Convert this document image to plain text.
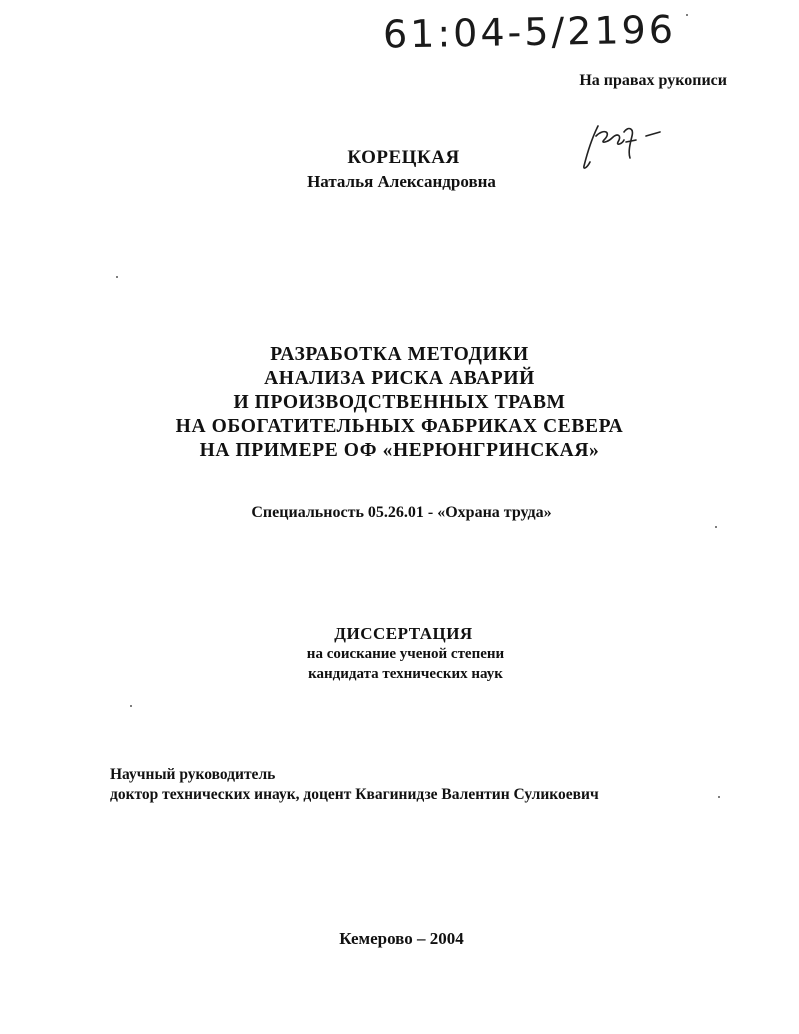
61:04-5/2196
На правах рукописи
КОРЕЦКАЯ
Наталья Александровна
РАЗРАБОТКА МЕТОДИКИ
АНАЛИЗА РИСКА АВАРИЙ
И ПРОИЗВОДСТВЕННЫХ ТРАВМ
НА ОБОГАТИТЕЛЬНЫХ ФАБРИКАХ СЕВЕРА
НА ПРИМЕРЕ ОФ «НЕРЮНГРИНСКАЯ»
Специальность 05.26.01 - «Охрана труда»
ДИССЕРТАЦИЯ
на соискание ученой степени
кандидата технических наук
Научный руководитель
доктор технических инаук, доцент Квагинидзе Валентин Суликоевич
Кемерово – 2004
